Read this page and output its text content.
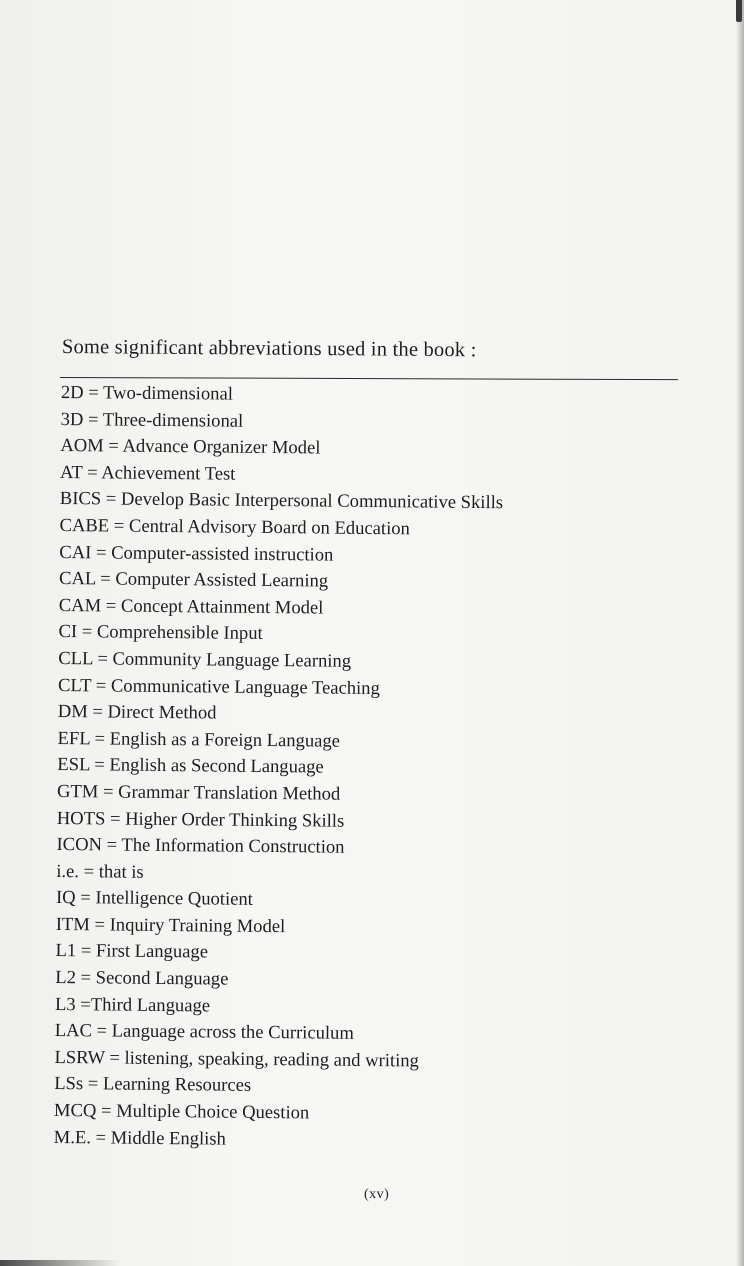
Some significant abbreviations used in the book :
2D = Two-dimensional
3D = Three-dimensional
AOM = Advance Organizer Model
AT = Achievement Test
BICS = Develop Basic Interpersonal Communicative Skills
CABE = Central Advisory Board on Education
CAI = Computer-assisted instruction
CAL = Computer Assisted Learning
CAM = Concept Attainment Model
CI = Comprehensible Input
CLL = Community Language Learning
CLT = Communicative Language Teaching
DM = Direct Method
EFL = English as a Foreign Language
ESL = English as Second Language
GTM = Grammar Translation Method
HOTS = Higher Order Thinking Skills
ICON = The Information Construction
i.e. = that is
IQ = Intelligence Quotient
ITM = Inquiry Training Model
L1 = First Language
L2 = Second Language
L3 =Third Language
LAC = Language across the Curriculum
LSRW = listening, speaking, reading and writing
LSs = Learning Resources
MCQ = Multiple Choice Question
M.E. = Middle English
(xv)
